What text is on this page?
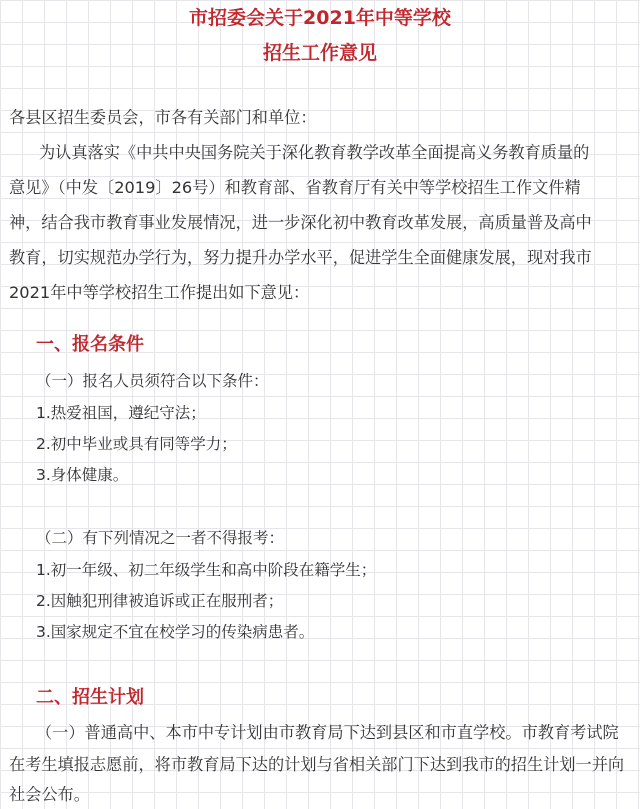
市招委会关于2021年中等学校
招生工作意见
各县区招生委员会，市各有关部门和单位：
为认真落实《中共中央国务院关于深化教育教学改革全面提高义务教育质量的
意见》（中发〔2019〕26号）和教育部、省教育厅有关中等学校招生工作文件精
神，结合我市教育事业发展情况，进一步深化初中教育改革发展，高质量普及高中
教育，切实规范办学行为，努力提升办学水平，促进学生全面健康发展，现对我市
2021年中等学校招生工作提出如下意见：
一、报名条件
（一）报名人员须符合以下条件：
1.热爱祖国，遵纪守法；
2.初中毕业或具有同等学力；
3.身体健康。
（二）有下列情况之一者不得报考：
1.初一年级、初二年级学生和高中阶段在籍学生；
2.因触犯刑律被追诉或正在服刑者；
3.国家规定不宜在校学习的传染病患者。
二、招生计划
（一）普通高中、本市中专计划由市教育局下达到县区和市直学校。市教育考试院
在考生填报志愿前，将市教育局下达的计划与省相关部门下达到我市的招生计划一并向
社会公布。
